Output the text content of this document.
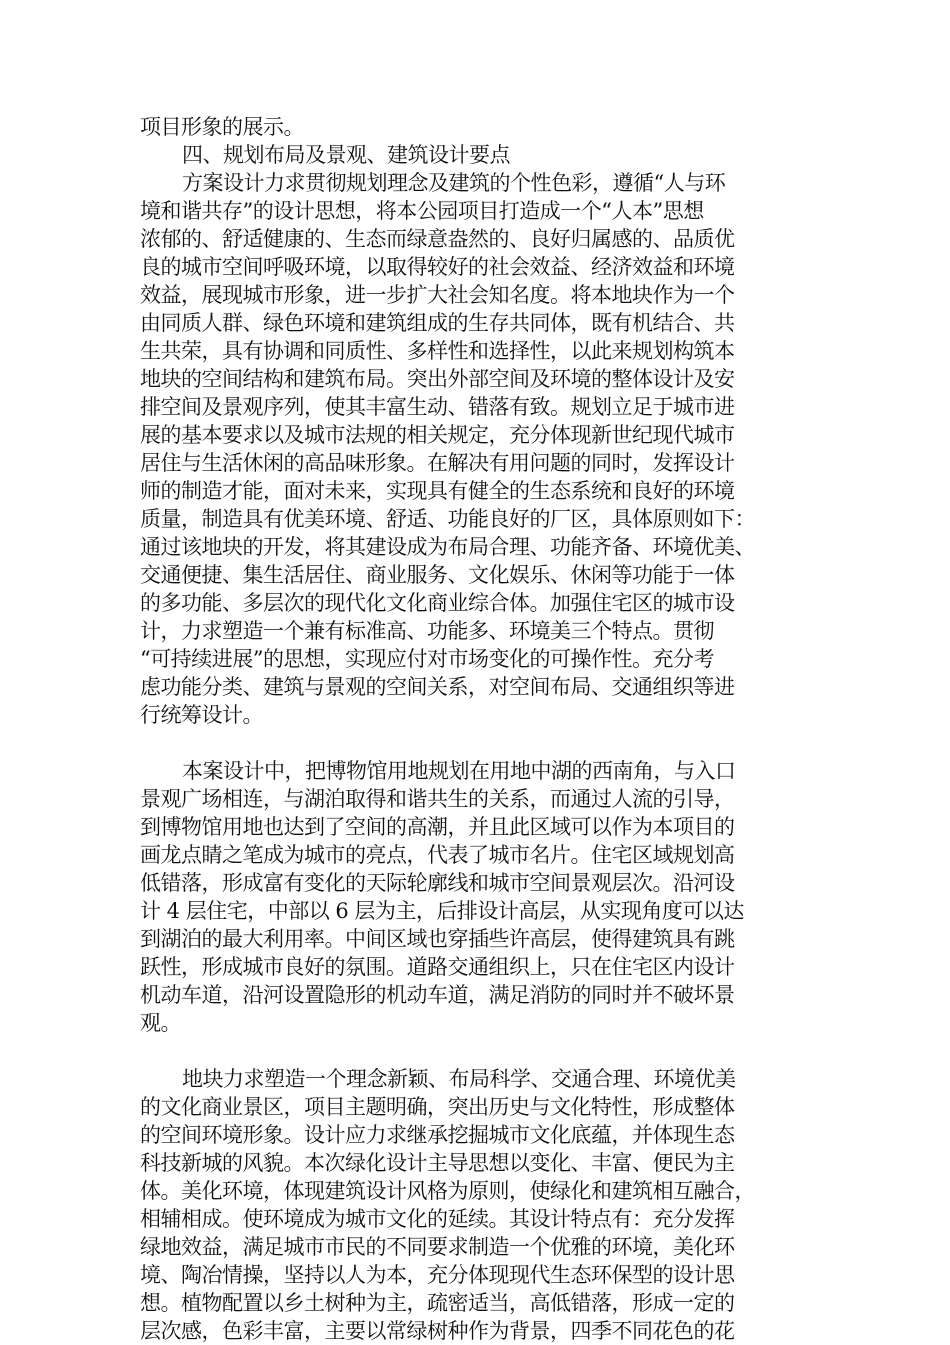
项目形象的展示。
四、规划布局及景观、建筑设计要点
方案设计力求贯彻规划理念及建筑的个性色彩，遵循“人与环
境和谐共存”的设计思想，将本公园项目打造成一个“人本”思想
浓郁的、舒适健康的、生态而绿意盎然的、良好归属感的、品质优
良的城市空间呼吸环境，以取得较好的社会效益、经济效益和环境
效益，展现城市形象，进一步扩大社会知名度。将本地块作为一个
由同质人群、绿色环境和建筑组成的生存共同体，既有机结合、共
生共荣，具有协调和同质性、多样性和选择性，以此来规划构筑本
地块的空间结构和建筑布局。突出外部空间及环境的整体设计及安
排空间及景观序列，使其丰富生动、错落有致。规划立足于城市进
展的基本要求以及城市法规的相关规定，充分体现新世纪现代城市
居住与生活休闲的高品味形象。在解决有用问题的同时，发挥设计
师的制造才能，面对未来，实现具有健全的生态系统和良好的环境
质量，制造具有优美环境、舒适、功能良好的厂区，具体原则如下：
通过该地块的开发，将其建设成为布局合理、功能齐备、环境优美、
交通便捷、集生活居住、商业服务、文化娱乐、休闲等功能于一体
的多功能、多层次的现代化文化商业综合体。加强住宅区的城市设
计，力求塑造一个兼有标准高、功能多、环境美三个特点。贯彻
“可持续进展”的思想，实现应付对市场变化的可操作性。充分考
虑功能分类、建筑与景观的空间关系，对空间布局、交通组织等进
行统筹设计。
本案设计中，把博物馆用地规划在用地中湖的西南角，与入口
景观广场相连，与湖泊取得和谐共生的关系，而通过人流的引导，
到博物馆用地也达到了空间的高潮，并且此区域可以作为本项目的
画龙点睛之笔成为城市的亮点，代表了城市名片。住宅区域规划高
低错落，形成富有变化的天际轮廓线和城市空间景观层次。沿河设
计 4 层住宅，中部以 6 层为主，后排设计高层，从实现角度可以达
到湖泊的最大利用率。中间区域也穿插些许高层，使得建筑具有跳
跃性，形成城市良好的氛围。道路交通组织上，只在住宅区内设计
机动车道，沿河设置隐形的机动车道，满足消防的同时并不破坏景
观。
地块力求塑造一个理念新颖、布局科学、交通合理、环境优美
的文化商业景区，项目主题明确，突出历史与文化特性，形成整体
的空间环境形象。设计应力求继承挖掘城市文化底蕴，并体现生态
科技新城的风貌。本次绿化设计主导思想以变化、丰富、便民为主
体。美化环境，体现建筑设计风格为原则，使绿化和建筑相互融合，
相辅相成。使环境成为城市文化的延续。其设计特点有：充分发挥
绿地效益，满足城市市民的不同要求制造一个优雅的环境，美化环
境、陶冶情操，坚持以人为本，充分体现现代生态环保型的设计思
想。植物配置以乡土树种为主，疏密适当，高低错落，形成一定的
层次感，色彩丰富，主要以常绿树种作为背景，四季不同花色的花
